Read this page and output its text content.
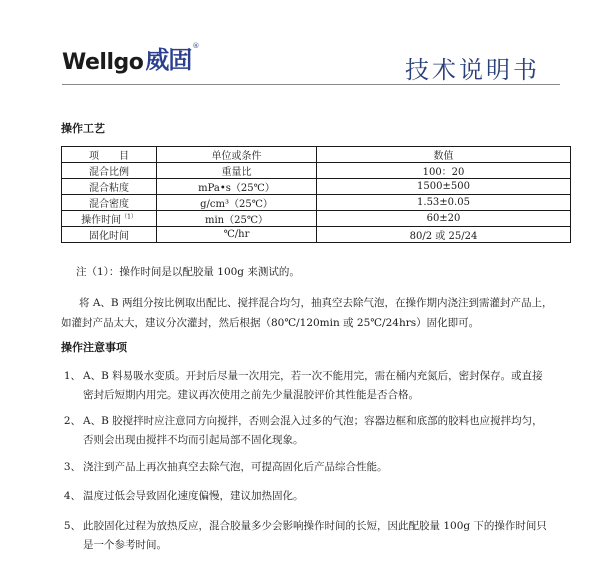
Wellgo 威固 ®
技术说明书
操作工艺
项　　目	单位或条件	数值
混合比例	重量比	100：20
混合粘度	mPa•s（25℃）	1500±500
混合密度	g/cm³（25℃）	1.53±0.05
操作时间$^{(1)}$	min（25℃）	60±20
固化时间	℃/hr	80/2 或 25/24
注（1）：操作时间是以配胶量 100g 来测试的。
将 A、B 两组分按比例取出配比、搅拌混合均匀，抽真空去除气泡，在操作期内浇注到需灌封产品上，如灌封产品太大，建议分次灌封，然后根据（80℃/120min 或 25℃/24hrs）固化即可。
操作注意事项
1、 A、B 料易吸水变质。开封后尽量一次用完，若一次不能用完，需在桶内充氮后，密封保存。或直接
密封后短期内用完。建议再次使用之前先少量混胶评价其性能是否合格。
2、 A、B 胶搅拌时应注意同方向搅拌，否则会混入过多的气泡；容器边框和底部的胶料也应搅拌均匀，
否则会出现由搅拌不均而引起局部不固化现象。
3、 浇注到产品上再次抽真空去除气泡，可提高固化后产品综合性能。
4、 温度过低会导致固化速度偏慢，建议加热固化。
5、 此胶固化过程为放热反应，混合胶量多少会影响操作时间的长短，因此配胶量 100g 下的操作时间只
是一个参考时间。
